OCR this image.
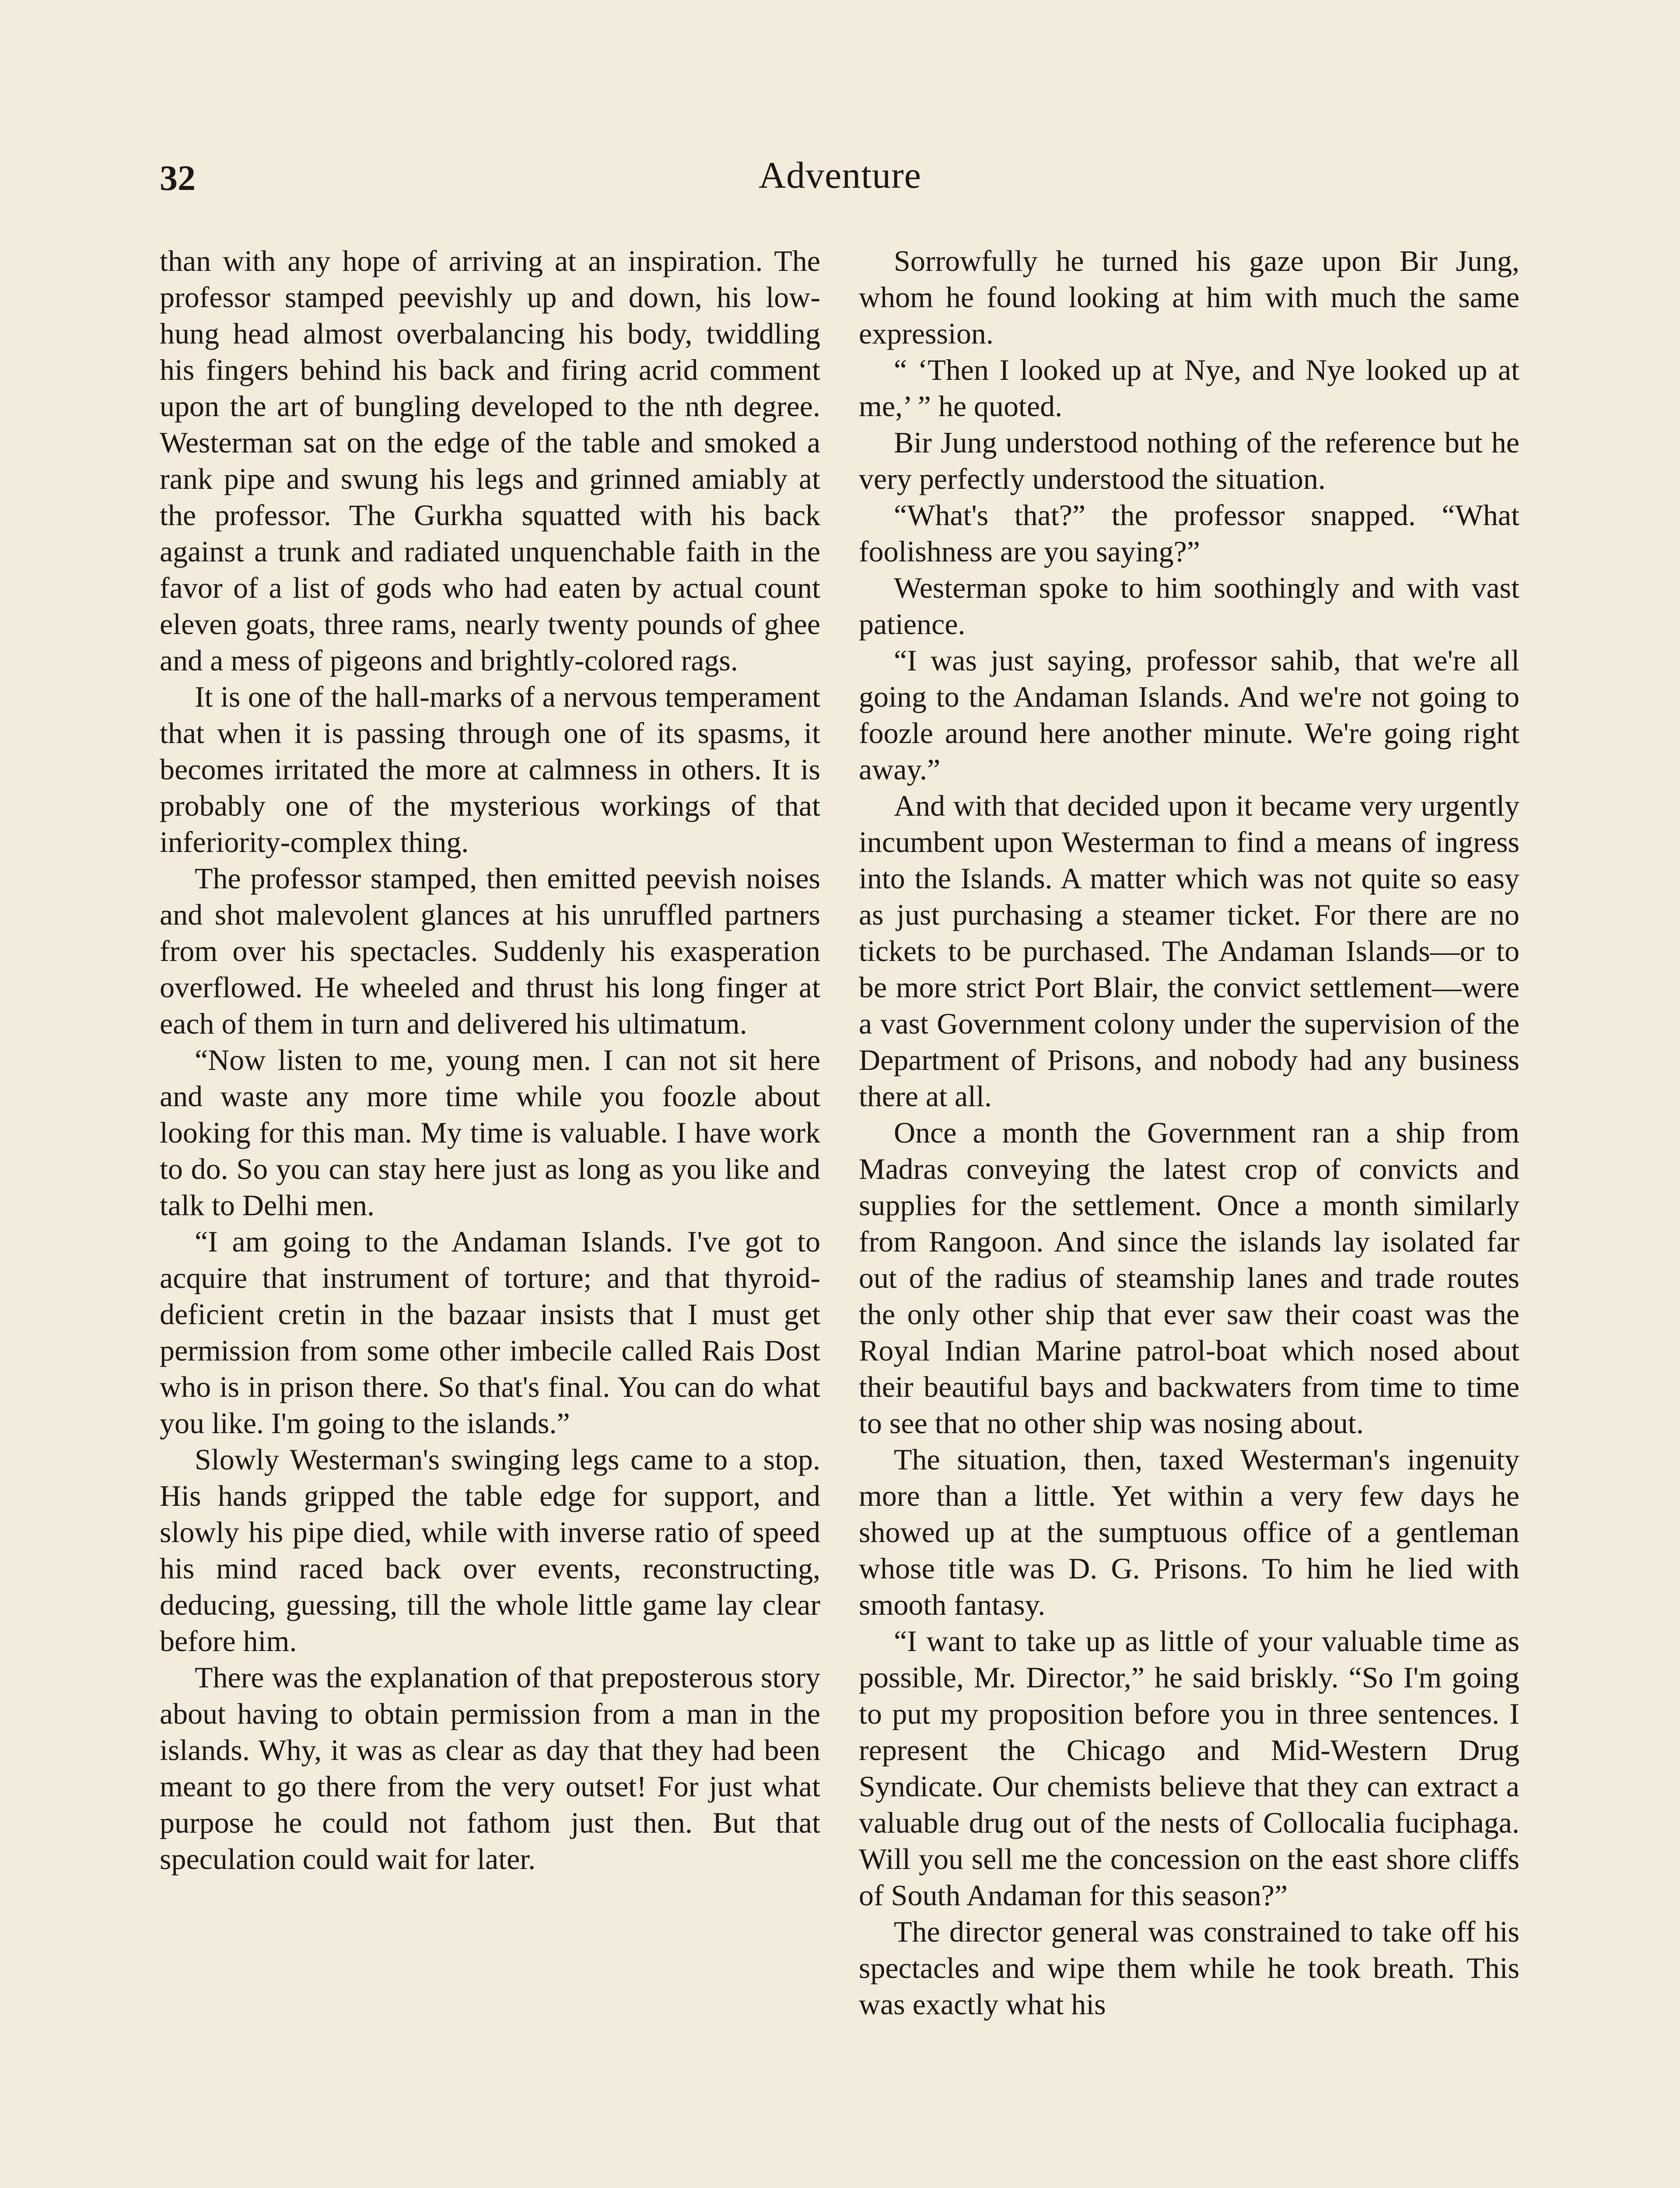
32	Adventure

than with any hope of arriving at an inspiration. The professor stamped peevishly up and down, his low-hung head almost overbalancing his body, twiddling his fingers behind his back and firing acrid comment upon the art of bungling developed to the nth degree. Westerman sat on the edge of the table and smoked a rank pipe and swung his legs and grinned amiably at the professor. The Gurkha squatted with his back against a trunk and radiated unquenchable faith in the favor of a list of gods who had eaten by actual count eleven goats, three rams, nearly twenty pounds of ghee and a mess of pigeons and brightly-colored rags.

It is one of the hall-marks of a nervous temperament that when it is passing through one of its spasms, it becomes irritated the more at calmness in others. It is probably one of the mysterious workings of that inferiority-complex thing.

The professor stamped, then emitted peevish noises and shot malevolent glances at his unruffled partners from over his spectacles. Suddenly his exasperation overflowed. He wheeled and thrust his long finger at each of them in turn and delivered his ultimatum.

“Now listen to me, young men. I can not sit here and waste any more time while you foozle about looking for this man. My time is valuable. I have work to do. So you can stay here just as long as you like and talk to Delhi men.

“I am going to the Andaman Islands. I've got to acquire that instrument of torture; and that thyroid-deficient cretin in the bazaar insists that I must get permission from some other imbecile called Rais Dost who is in prison there. So that's final. You can do what you like. I'm going to the islands.”

Slowly Westerman's swinging legs came to a stop. His hands gripped the table edge for support, and slowly his pipe died, while with inverse ratio of speed his mind raced back over events, reconstructing, deducing, guessing, till the whole little game lay clear before him.

There was the explanation of that preposterous story about having to obtain permission from a man in the islands. Why, it was as clear as day that they had been meant to go there from the very outset! For just what purpose he could not fathom just then. But that speculation could wait for later.

Sorrowfully he turned his gaze upon Bir Jung, whom he found looking at him with much the same expression.

“ ‘Then I looked up at Nye, and Nye looked up at me,’ ” he quoted.

Bir Jung understood nothing of the reference but he very perfectly understood the situation.

“What's that?” the professor snapped. “What foolishness are you saying?”

Westerman spoke to him soothingly and with vast patience.

“I was just saying, professor sahib, that we're all going to the Andaman Islands. And we're not going to foozle around here another minute. We're going right away.”

And with that decided upon it became very urgently incumbent upon Westerman to find a means of ingress into the Islands. A matter which was not quite so easy as just purchasing a steamer ticket. For there are no tickets to be purchased. The Andaman Islands—or to be more strict Port Blair, the convict settlement—were a vast Government colony under the supervision of the Department of Prisons, and nobody had any business there at all.

Once a month the Government ran a ship from Madras conveying the latest crop of convicts and supplies for the settlement. Once a month similarly from Rangoon. And since the islands lay isolated far out of the radius of steamship lanes and trade routes the only other ship that ever saw their coast was the Royal Indian Marine patrol-boat which nosed about their beautiful bays and backwaters from time to time to see that no other ship was nosing about.

The situation, then, taxed Westerman's ingenuity more than a little. Yet within a very few days he showed up at the sumptuous office of a gentleman whose title was D. G. Prisons. To him he lied with smooth fantasy.

“I want to take up as little of your valuable time as possible, Mr. Director,” he said briskly. “So I'm going to put my proposition before you in three sentences. I represent the Chicago and Mid-Western Drug Syndicate. Our chemists believe that they can extract a valuable drug out of the nests of Collocalia fuciphaga. Will you sell me the concession on the east shore cliffs of South Andaman for this season?”

The director general was constrained to take off his spectacles and wipe them while he took breath. This was exactly what his
